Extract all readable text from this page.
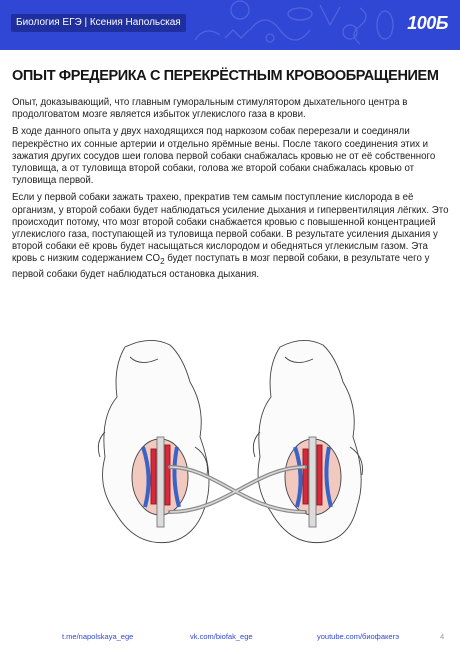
Биология ЕГЭ | Ксения Напольская	100Б
ОПЫТ ФРЕДЕРИКА С ПЕРЕКРЁСТНЫМ КРОВООБРАЩЕНИЕМ

Опыт, доказывающий, что главным гуморальным стимулятором дыхательного центра в продолговатом мозге является избыток углекислого газа в крови.

В ходе данного опыта у двух находящихся под наркозом собак перерезали и соединяли перекрёстно их сонные артерии и отдельно ярёмные вены. После такого соединения этих и зажатия других сосудов шеи голова первой собаки снабжалась кровью не от её собственного туловища, а от туловища второй собаки, голова же второй собаки снабжалась кровью от туловища первой.

Если у первой собаки зажать трахею, прекратив тем самым поступление кислорода в её организм, у второй собаки будет наблюдаться усиление дыхания и гипервентиляция лёгких. Это происходит потому, что мозг второй собаки снабжается кровью с повышенной концентрацией углекислого газа, поступающей из туловища первой собаки. В результате усиления дыхания у второй собаки её кровь будет насыщаться кислородом и обедняться углекислым газом. Эта кровь с низким содержанием $CO_2$ будет поступать в мозг первой собаки, в результате чего у первой собаки будет наблюдаться остановка дыхания.

t.me/napolskaya_ege	vk.com/biofak_ege	youtube.com/биофакегэ	4
